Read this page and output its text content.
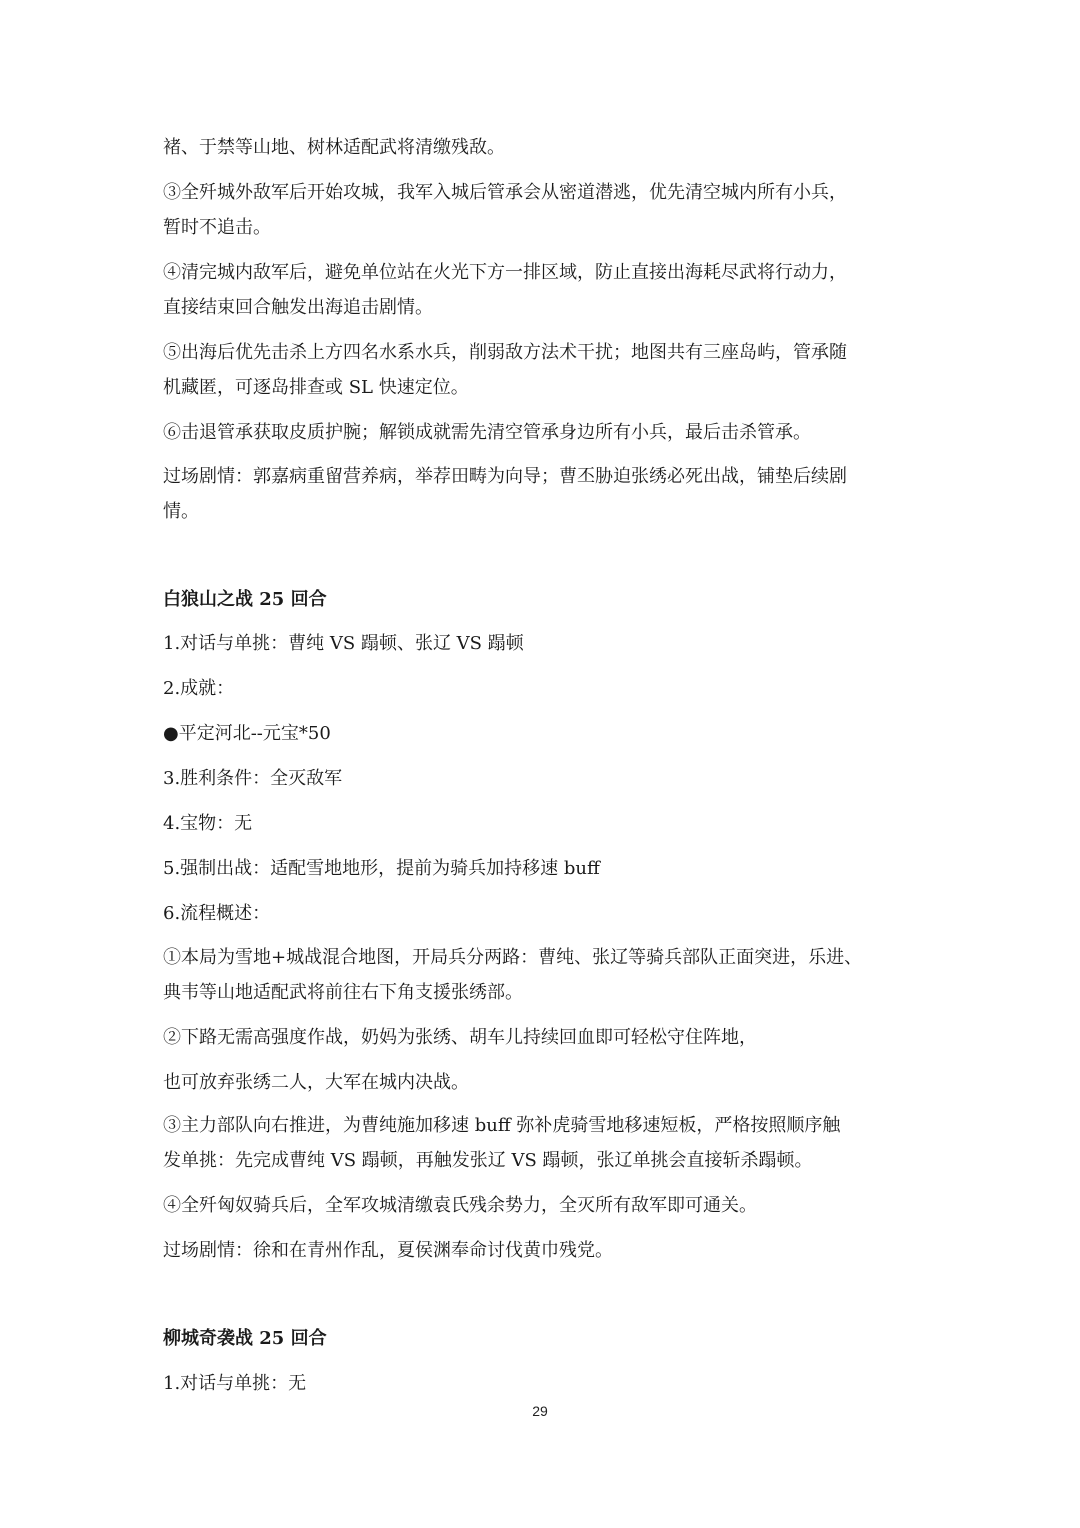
褚、于禁等山地、树林适配武将清缴残敌。
③全歼城外敌军后开始攻城，我军入城后管承会从密道潜逃，优先清空城内所有小兵，
暂时不追击。
④清完城内敌军后，避免单位站在火光下方一排区域，防止直接出海耗尽武将行动力，
直接结束回合触发出海追击剧情。
⑤出海后优先击杀上方四名水系水兵，削弱敌方法术干扰；地图共有三座岛屿，管承随
机藏匿，可逐岛排查或 SL 快速定位。
⑥击退管承获取皮质护腕；解锁成就需先清空管承身边所有小兵，最后击杀管承。
过场剧情：郭嘉病重留营养病，举荐田畴为向导；曹丕胁迫张绣必死出战，铺垫后续剧
情。
白狼山之战 25 回合
1.对话与单挑：曹纯 VS 蹋顿、张辽 VS 蹋顿
2.成就：
●平定河北--元宝*50
3.胜利条件：全灭敌军
4.宝物：无
5.强制出战：适配雪地地形，提前为骑兵加持移速 buff
6.流程概述：
①本局为雪地+城战混合地图，开局兵分两路：曹纯、张辽等骑兵部队正面突进，乐进、
典韦等山地适配武将前往右下角支援张绣部。
②下路无需高强度作战，奶妈为张绣、胡车儿持续回血即可轻松守住阵地，
也可放弃张绣二人，大军在城内决战。
③主力部队向右推进，为曹纯施加移速 buff 弥补虎骑雪地移速短板，严格按照顺序触
发单挑：先完成曹纯 VS 蹋顿，再触发张辽 VS 蹋顿，张辽单挑会直接斩杀蹋顿。
④全歼匈奴骑兵后，全军攻城清缴袁氏残余势力，全灭所有敌军即可通关。
过场剧情：徐和在青州作乱，夏侯渊奉命讨伐黄巾残党。
柳城奇袭战 25 回合
1.对话与单挑：无
29
